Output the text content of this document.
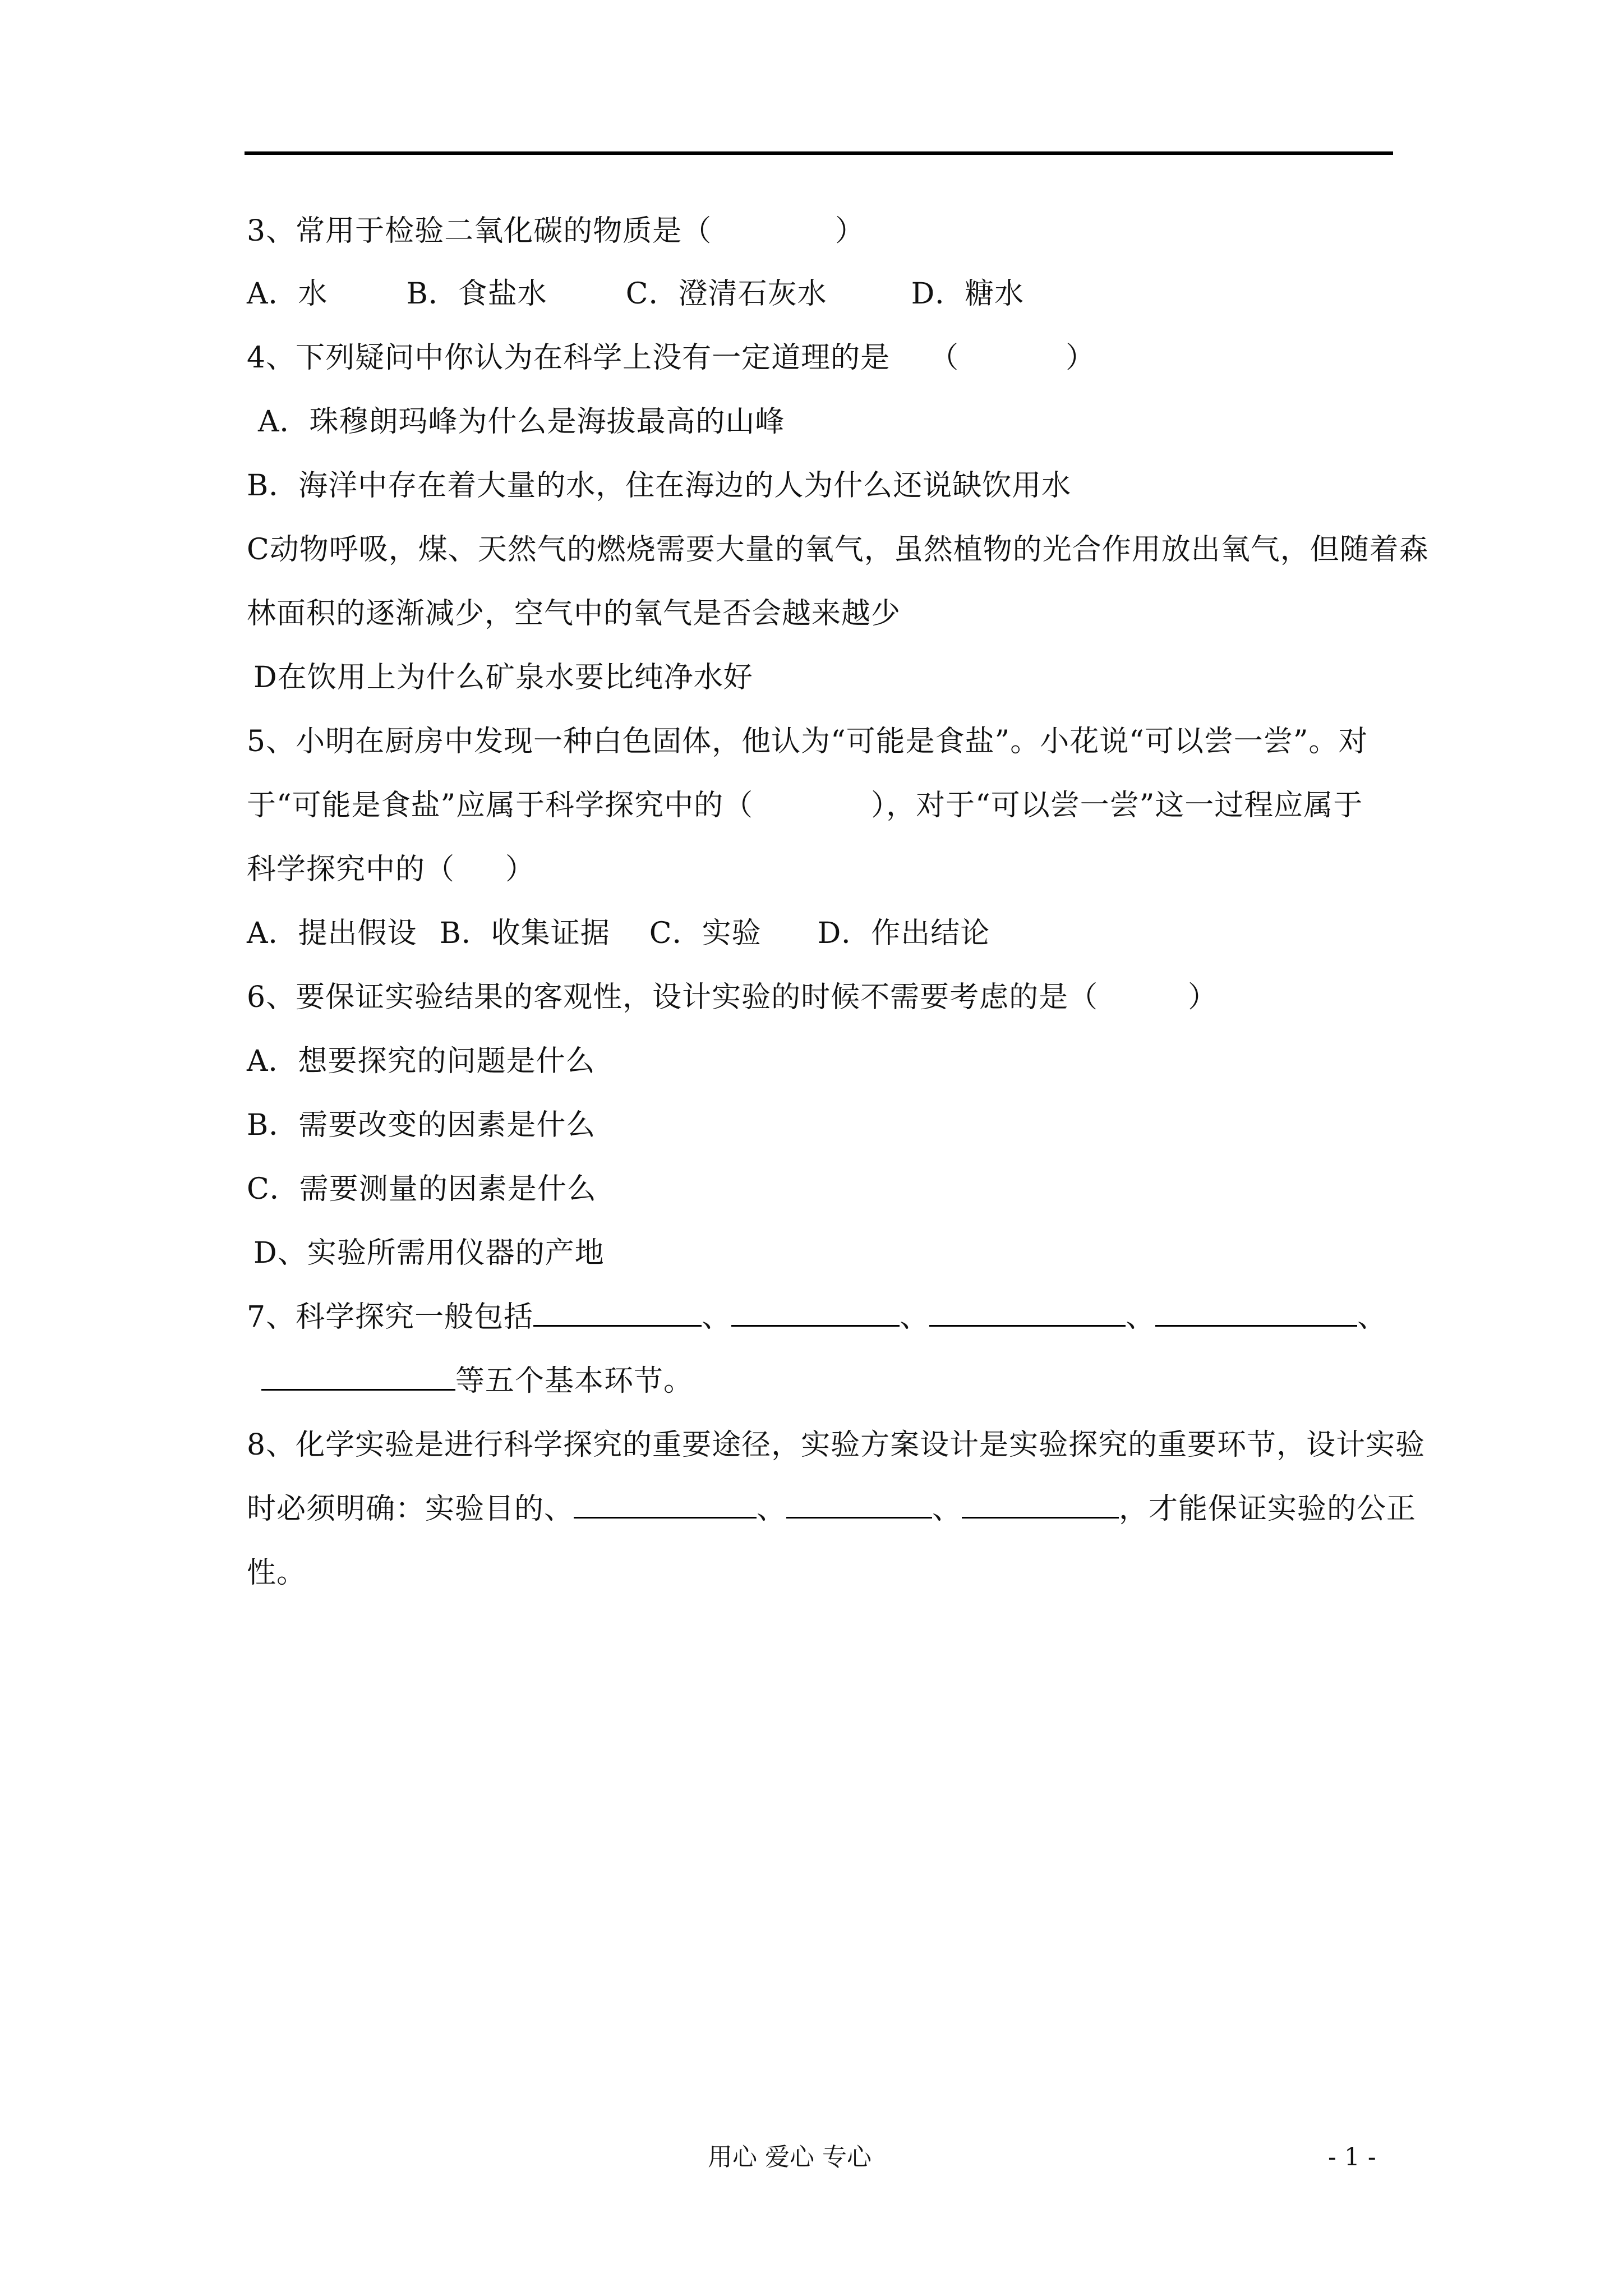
3、常用于检验二氧化碳的物质是（	）
A．水	B．食盐水	C．澄清石灰水	D．糖水
4、下列疑问中你认为在科学上没有一定道理的是 （	）
A．珠穆朗玛峰为什么是海拔最高的山峰
B．海洋中存在着大量的水，住在海边的人为什么还说缺饮用水
C动物呼吸，煤、天然气的燃烧需要大量的氧气，虽然植物的光合作用放出氧气，但随着森
林面积的逐渐减少，空气中的氧气是否会越来越少
D在饮用上为什么矿泉水要比纯净水好
5、小明在厨房中发现一种白色固体，他认为“可能是食盐”。小花说“可以尝一尝”。对
于“可能是食盐”应属于科学探究中的（	），对于“可以尝一尝”这一过程应属于
科学探究中的（ ）
A．提出假设 B．收集证据 C．实验 D．作出结论
6、要保证实验结果的客观性，设计实验的时候不需要考虑的是（	）
A．想要探究的问题是什么
B．需要改变的因素是什么
C．需要测量的因素是什么
D、实验所需用仪器的产地
7、科学探究一般包括	、	、	、	、
等五个基本环节。
8、化学实验是进行科学探究的重要途径，实验方案设计是实验探究的重要环节，设计实验
时必须明确：实验目的、	、	、	，才能保证实验的公正
性。
用心 爱心 专心	- 1 -
